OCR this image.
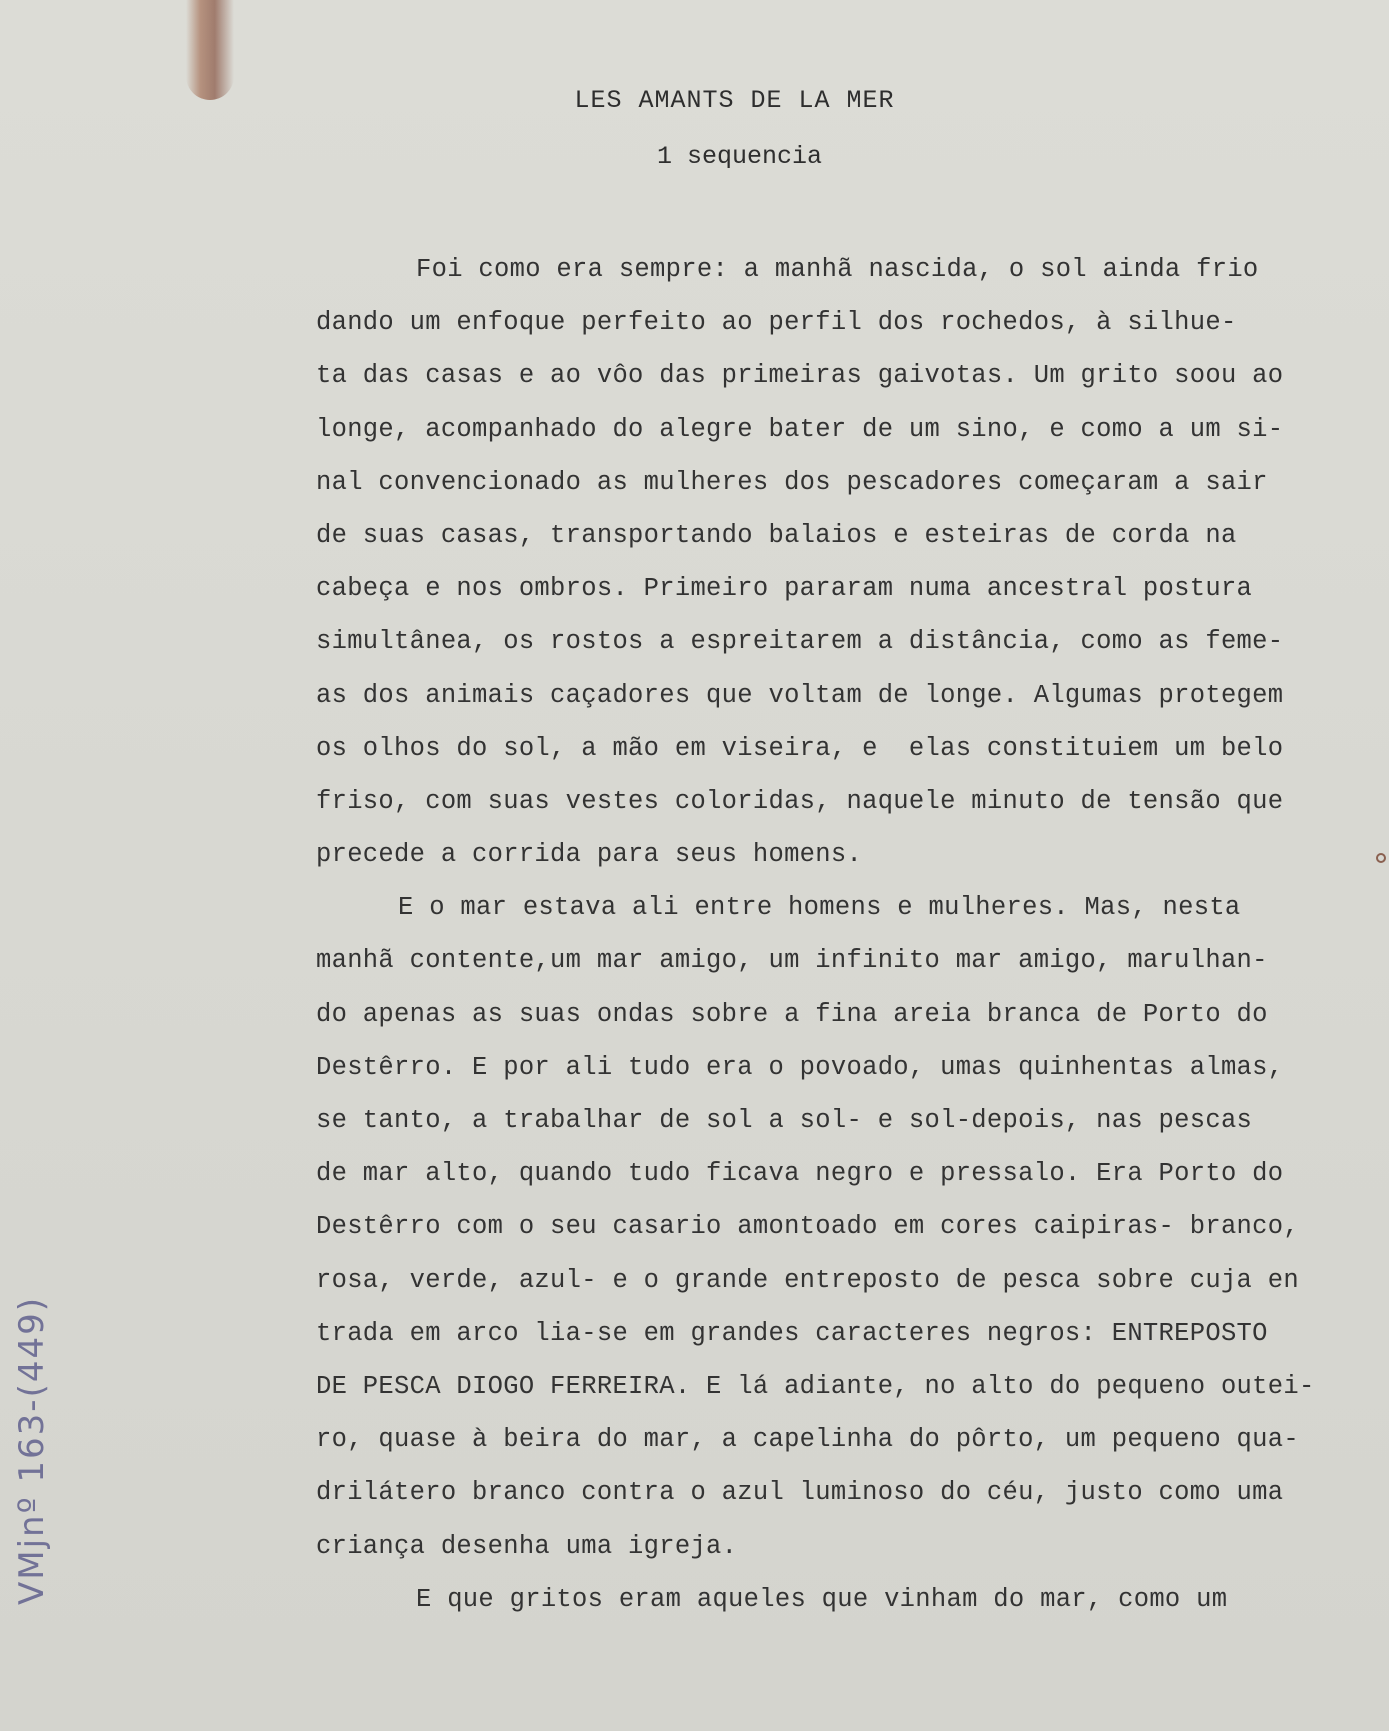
LES AMANTS DE LA MER
1 sequencia
Foi como era sempre: a manhã nascida, o sol ainda frio
dando um enfoque perfeito ao perfil dos rochedos, à silhue-
ta das casas e ao vôo das primeiras gaivotas. Um grito soou ao
longe, acompanhado do alegre bater de um sino, e como a um si-
nal convencionado as mulheres dos pescadores começaram a sair
de suas casas, transportando balaios e esteiras de corda na
cabeça e nos ombros. Primeiro pararam numa ancestral postura
simultânea, os rostos a espreitarem a distância, como as feme-
as dos animais caçadores que voltam de longe. Algumas protegem
os olhos do sol, a mão em viseira, e  elas constituiem um belo
friso, com suas vestes coloridas, naquele minuto de tensão que
precede a corrida para seus homens.
E o mar estava ali entre homens e mulheres. Mas, nesta
manhã contente,um mar amigo, um infinito mar amigo, marulhan-
do apenas as suas ondas sobre a fina areia branca de Porto do
Destêrro. E por ali tudo era o povoado, umas quinhentas almas,
se tanto, a trabalhar de sol a sol- e sol-depois, nas pescas
de mar alto, quando tudo ficava negro e pressalo. Era Porto do
Destêrro com o seu casario amontoado em cores caipiras- branco,
rosa, verde, azul- e o grande entreposto de pesca sobre cuja en
trada em arco lia-se em grandes caracteres negros: ENTREPOSTO
DE PESCA DIOGO FERREIRA. E lá adiante, no alto do pequeno outei-
ro, quase à beira do mar, a capelinha do pôrto, um pequeno qua-
drilátero branco contra o azul luminoso do céu, justo como uma
criança desenha uma igreja.
E que gritos eram aqueles que vinham do mar, como um
VMjnº 163-(449)
